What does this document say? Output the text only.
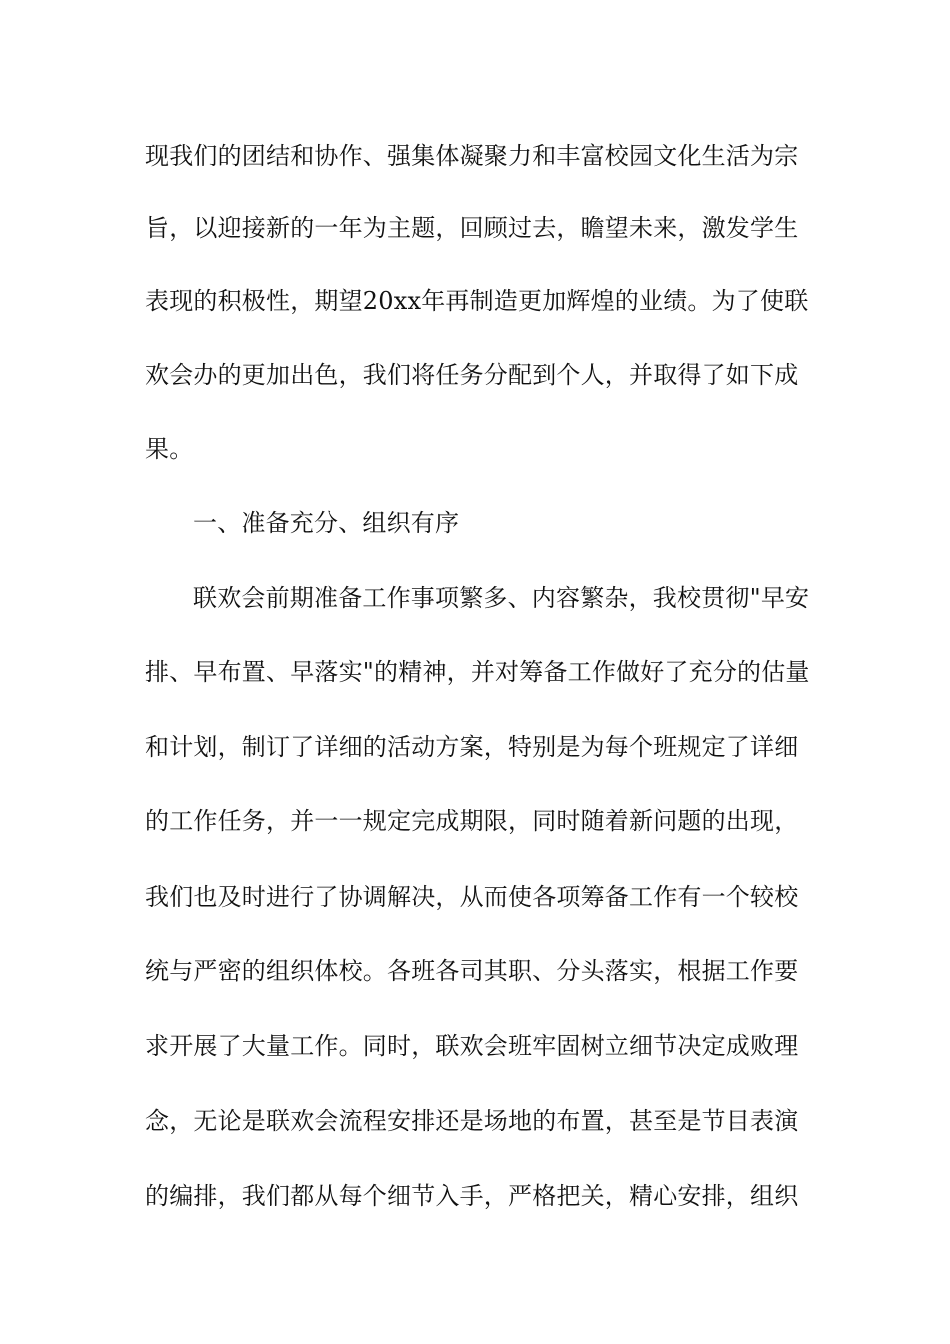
现我们的团结和协作、强集体凝聚力和丰富校园文化生活为宗
旨，以迎接新的一年为主题，回顾过去，瞻望未来，激发学生
表现的积极性，期望20xx年再制造更加辉煌的业绩。为了使联
欢会办的更加出色，我们将任务分配到个人，并取得了如下成
果。
一、准备充分、组织有序
联欢会前期准备工作事项繁多、内容繁杂，我校贯彻"早安
排、早布置、早落实"的精神，并对筹备工作做好了充分的估量
和计划，制订了详细的活动方案，特别是为每个班规定了详细
的工作任务，并一一规定完成期限，同时随着新问题的出现，
我们也及时进行了协调解决，从而使各项筹备工作有一个较校
统与严密的组织体校。各班各司其职、分头落实，根据工作要
求开展了大量工作。同时，联欢会班牢固树立细节决定成败理
念，无论是联欢会流程安排还是场地的布置，甚至是节目表演
的编排，我们都从每个细节入手，严格把关，精心安排，组织
